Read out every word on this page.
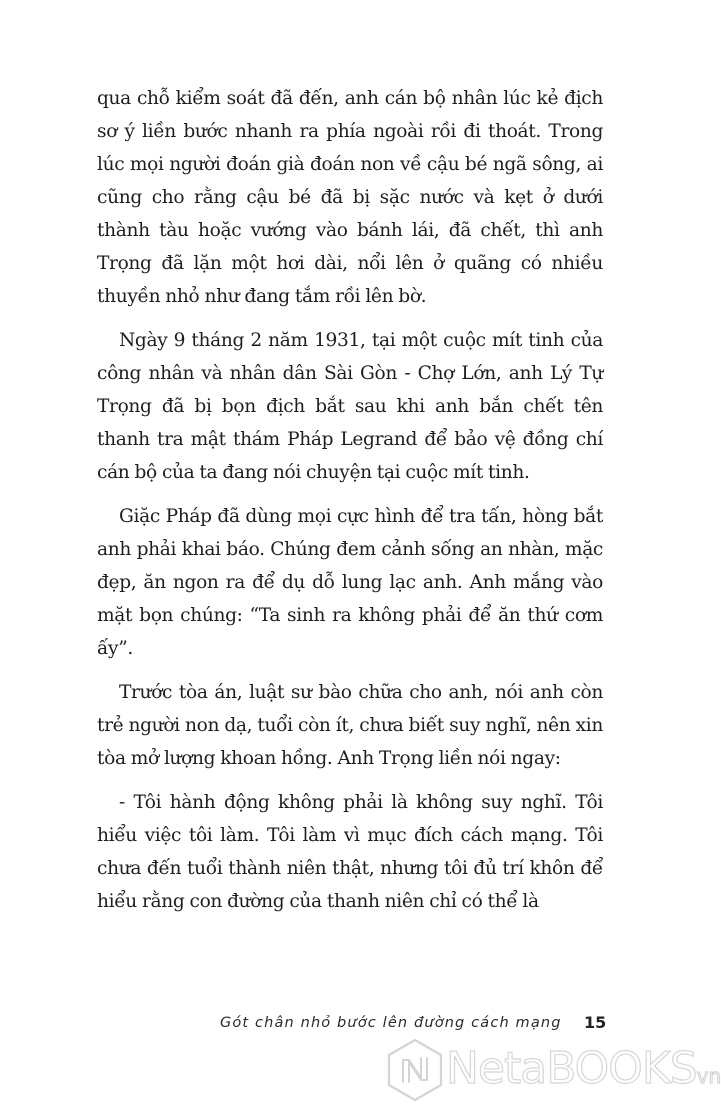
qua chỗ kiểm soát đã đến, anh cán bộ nhân lúc kẻ địch sơ ý liền bước nhanh ra phía ngoài rồi đi thoát. Trong lúc mọi người đoán già đoán non về cậu bé ngã sông, ai cũng cho rằng cậu bé đã bị sặc nước và kẹt ở dưới thành tàu hoặc vướng vào bánh lái, đã chết, thì anh Trọng đã lặn một hơi dài, nổi lên ở quãng có nhiều thuyền nhỏ như đang tắm rồi lên bờ.

Ngày 9 tháng 2 năm 1931, tại một cuộc mít tinh của công nhân và nhân dân Sài Gòn - Chợ Lớn, anh Lý Tự Trọng đã bị bọn địch bắt sau khi anh bắn chết tên thanh tra mật thám Pháp Legrand để bảo vệ đồng chí cán bộ của ta đang nói chuyện tại cuộc mít tinh.

Giặc Pháp đã dùng mọi cực hình để tra tấn, hòng bắt anh phải khai báo. Chúng đem cảnh sống an nhàn, mặc đẹp, ăn ngon ra để dụ dỗ lung lạc anh. Anh mắng vào mặt bọn chúng: “Ta sinh ra không phải để ăn thứ cơm ấy”.

Trước tòa án, luật sư bào chữa cho anh, nói anh còn trẻ người non dạ, tuổi còn ít, chưa biết suy nghĩ, nên xin tòa mở lượng khoan hồng. Anh Trọng liền nói ngay:

- Tôi hành động không phải là không suy nghĩ. Tôi hiểu việc tôi làm. Tôi làm vì mục đích cách mạng. Tôi chưa đến tuổi thành niên thật, nhưng tôi đủ trí khôn để hiểu rằng con đường của thanh niên chỉ có thể là

Gót chân nhỏ bước lên đường cách mạng 15
NetaBOOKSvn
